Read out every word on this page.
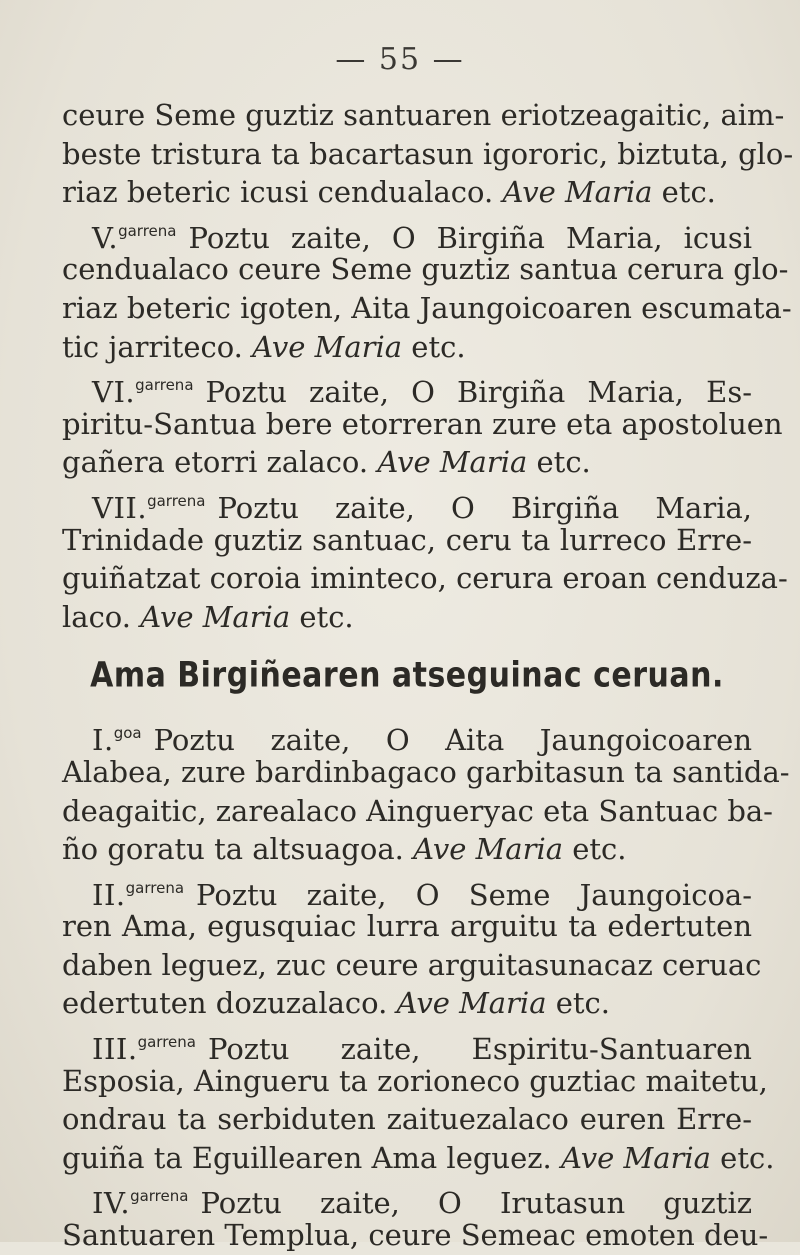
— 55 —
ceure Seme guztiz santuaren eriotzeagaitic, aim-
beste tristura ta bacartasun igororic, biztuta, glo-
riaz beteric icusi cendualaco. Ave Maria etc.
V.$^{garrena}$ Poztu zaite, O Birgiña Maria, icusi
cendualaco ceure Seme guztiz santua cerura glo-
riaz beteric igoten, Aita Jaungoicoaren escumata-
tic jarriteco. Ave Maria etc.
VI.$^{garrena}$ Poztu zaite, O Birgiña Maria, Es-
piritu-Santua bere etorreran zure eta apostoluen
gañera etorri zalaco. Ave Maria etc.
VII.$^{garrena}$ Poztu zaite, O Birgiña Maria,
Trinidade guztiz santuac, ceru ta lurreco Erre-
guiñatzat coroia iminteco, cerura eroan cenduza-
laco. Ave Maria etc.
Ama Birgiñearen atseguinac ceruan.
I.$^{goa}$ Poztu zaite, O Aita Jaungoicoaren
Alabea, zure bardinbagaco garbitasun ta santida-
deagaitic, zarealaco Ainguerуac eta Santuac ba-
ño goratu ta altsuagoa. Ave Maria etc.
II.$^{garrena}$ Poztu zaite, O Seme Jaungoicoa-
ren Ama, egusquiac lurra arguitu ta edertuten
daben leguez, zuc ceure arguitasunacaz ceruac
edertuten dozuzalaco. Ave Maria etc.
III.$^{garrena}$ Poztu zaite, Espiritu-Santuaren
Esposia, Aingueru ta zorioneco guztiac maitetu,
ondrau ta serbiduten zaituezalaco euren Erre-
guiña ta Eguillearen Ama leguez. Ave Maria etc.
IV.$^{garrena}$ Poztu zaite, O Irutasun guztiz
Santuaren Templua, ceure Semeac emoten deu-
